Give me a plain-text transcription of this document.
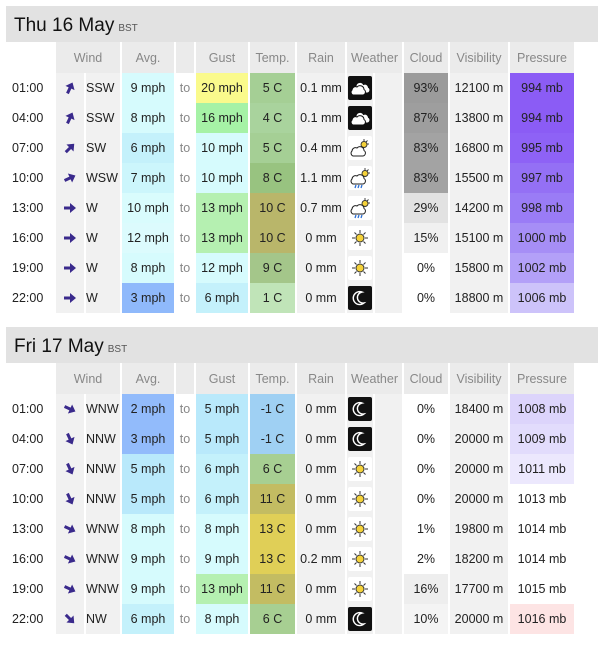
Thu 16 May BST
	Wind		Avg.		Gust	Temp.	Rain	Weather		Cloud	Visibility	Pressure
01:00		SSW	9 mph	to	20 mph	5 C	0.1 mm			93%	12100 m	994 mb
04:00		SSW	8 mph	to	16 mph	4 C	0.1 mm			87%	13800 m	994 mb
07:00		SW	6 mph	to	10 mph	5 C	0.4 mm			83%	16800 m	995 mb
10:00		WSW	7 mph	to	10 mph	8 C	1.1 mm			83%	15500 m	997 mb
13:00		W	10 mph	to	13 mph	10 C	0.7 mm			29%	14200 m	998 mb
16:00		W	12 mph	to	13 mph	10 C	0 mm			15%	15100 m	1000 mb
19:00		W	8 mph	to	12 mph	9 C	0 mm			0%	15800 m	1002 mb
22:00		W	3 mph	to	6 mph	1 C	0 mm			0%	18800 m	1006 mb
Fri 17 May BST
	Wind		Avg.		Gust	Temp.	Rain	Weather		Cloud	Visibility	Pressure
01:00		WNW	2 mph	to	5 mph	-1 C	0 mm			0%	18400 m	1008 mb
04:00		NNW	3 mph	to	5 mph	-1 C	0 mm			0%	20000 m	1009 mb
07:00		NNW	5 mph	to	6 mph	6 C	0 mm			0%	20000 m	1011 mb
10:00		NNW	5 mph	to	6 mph	11 C	0 mm			0%	20000 m	1013 mb
13:00		WNW	8 mph	to	8 mph	13 C	0 mm			1%	19800 m	1014 mb
16:00		WNW	9 mph	to	9 mph	13 C	0.2 mm			2%	18200 m	1014 mb
19:00		WNW	9 mph	to	13 mph	11 C	0 mm			16%	17700 m	1015 mb
22:00		NW	6 mph	to	8 mph	6 C	0 mm			10%	20000 m	1016 mb
